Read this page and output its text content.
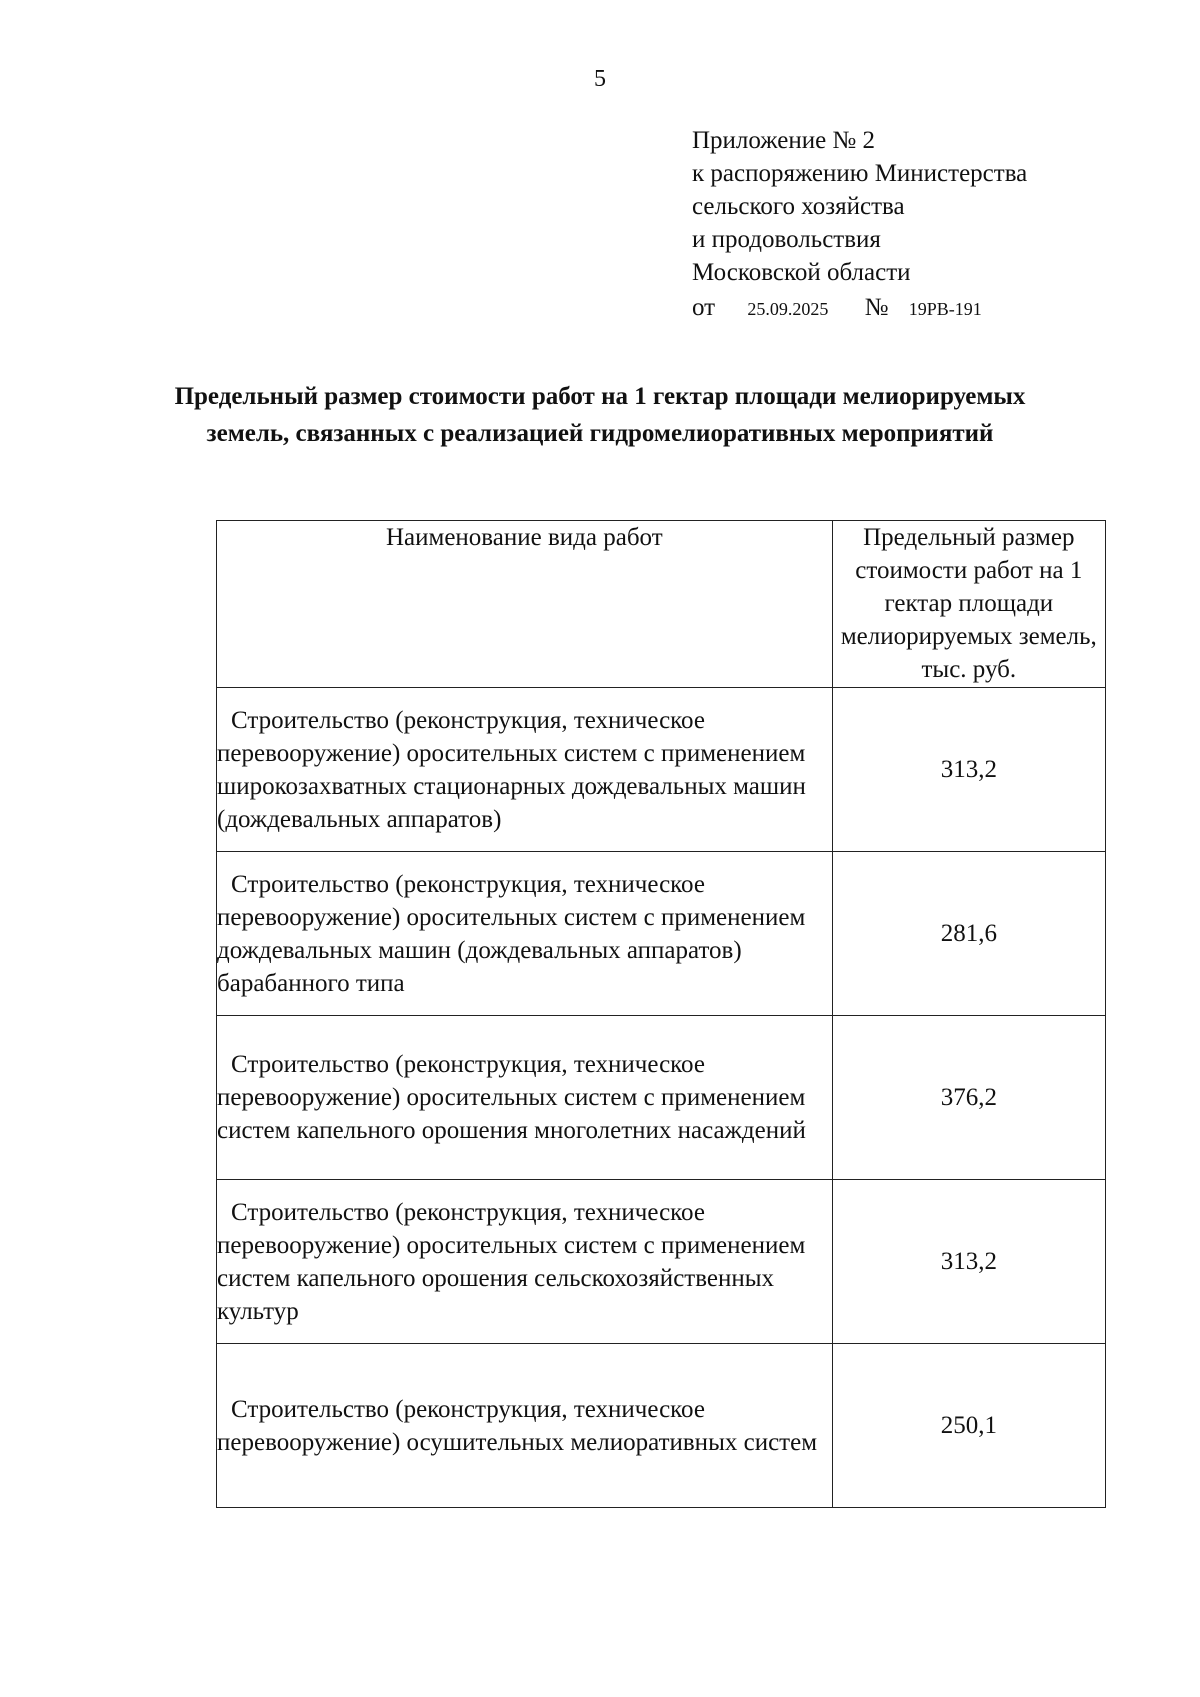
5
Приложение № 2
к распоряжению Министерства
сельского хозяйства
и продовольствия
Московской области
от 25.09.2025 № 19РВ-191
Предельный размер стоимости работ на 1 гектар площади мелиорируемых земель, связанных с реализацией гидромелиоративных мероприятий
Наименование вида работ	Предельный размер стоимости работ на 1 гектар площади мелиорируемых земель, тыс. руб.
Строительство (реконструкция, техническое перевооружение) оросительных систем с применением широкозахватных стационарных дождевальных машин (дождевальных аппаратов)	313,2
Строительство (реконструкция, техническое перевооружение) оросительных систем с применением дождевальных машин (дождевальных аппаратов) барабанного типа	281,6
Строительство (реконструкция, техническое перевооружение) оросительных систем с применением систем капельного орошения многолетних насаждений	376,2
Строительство (реконструкция, техническое перевооружение) оросительных систем с применением систем капельного орошения сельскохозяйственных культур	313,2
Строительство (реконструкция, техническое перевооружение) осушительных мелиоративных систем	250,1
